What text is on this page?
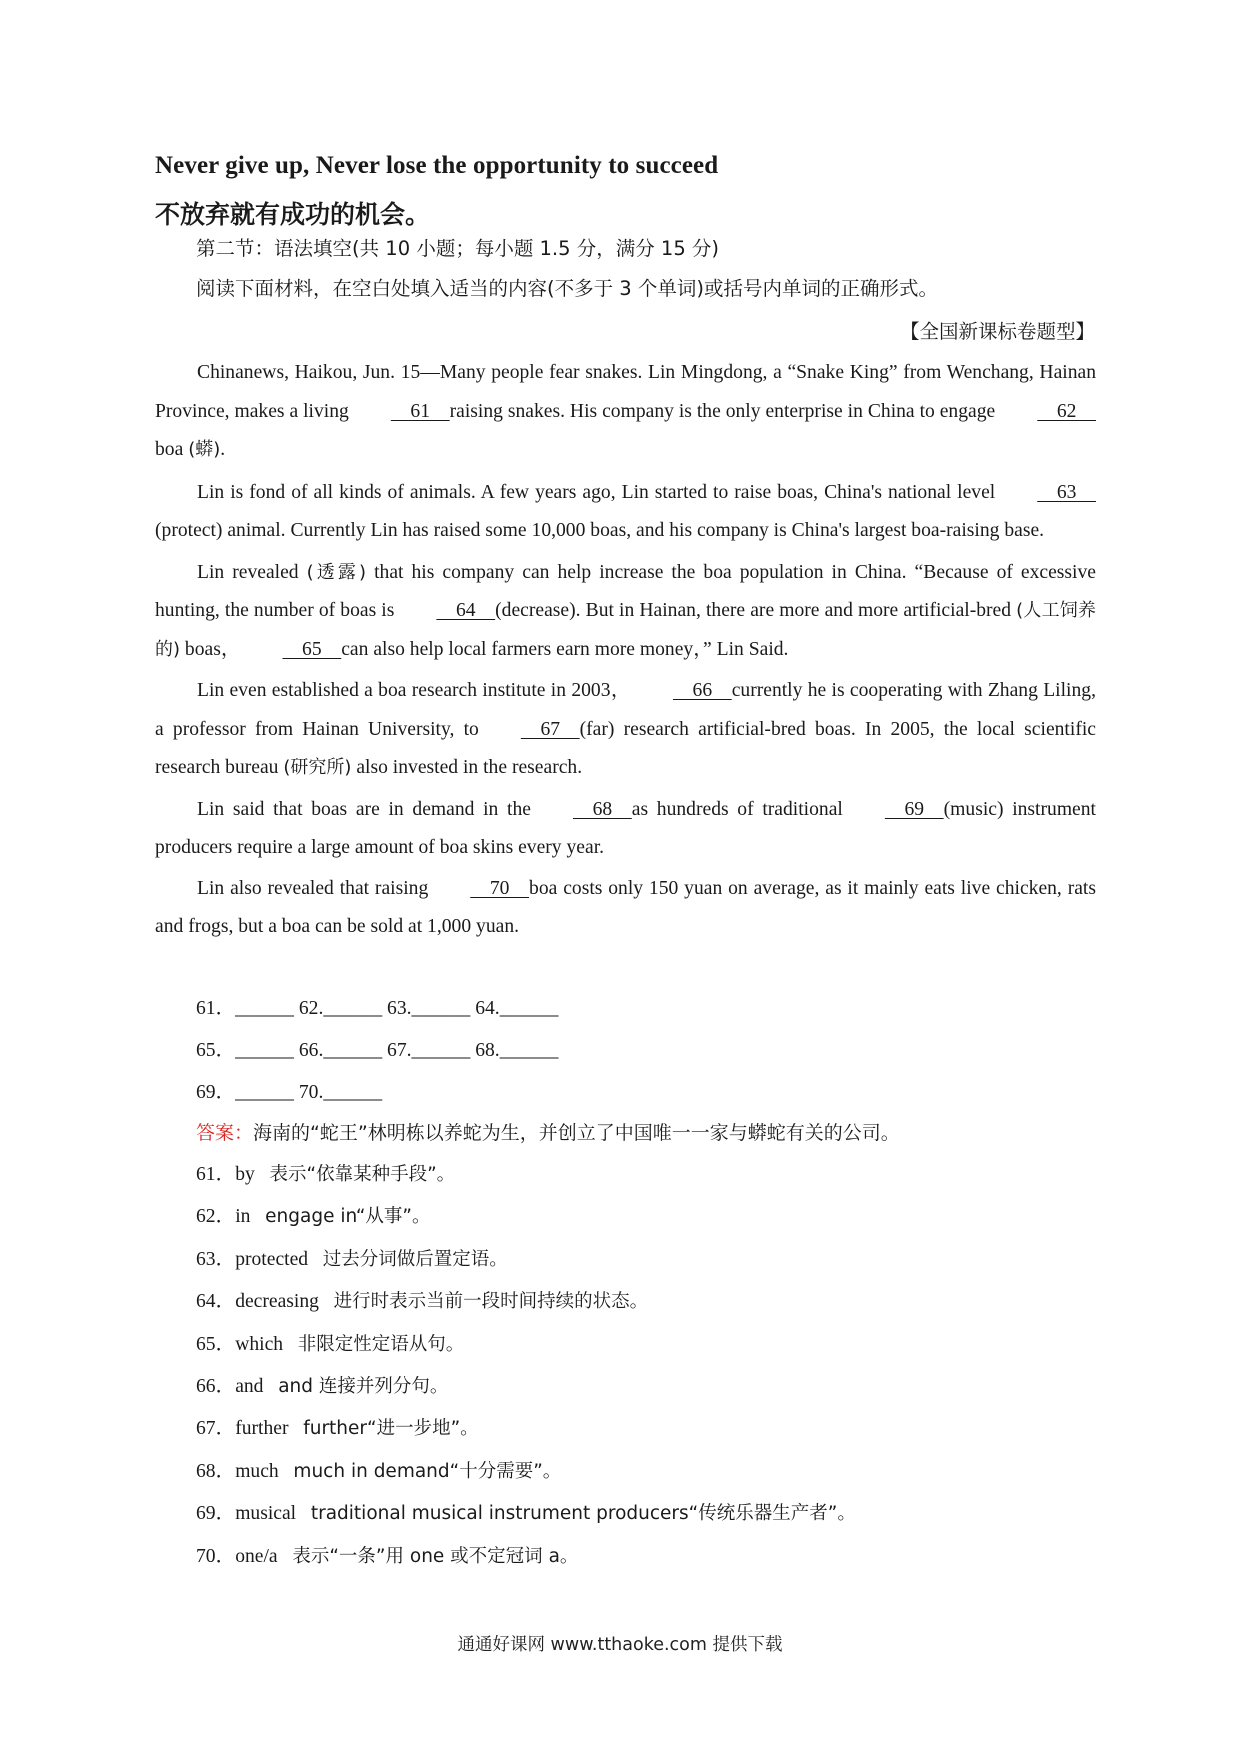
Never give up, Never lose the opportunity to succeed
不放弃就有成功的机会。
第二节：语法填空(共 10 小题；每小题 1.5 分，满分 15 分)
阅读下面材料，在空白处填入适当的内容(不多于 3 个单词)或括号内单词的正确形式。
【全国新课标卷题型】

Chinanews, Haikou, Jun. 15—Many people fear snakes. Lin Mingdong, a “Snake King” from Wenchang, Hainan Province, makes a living    61    raising snakes. His company is the only enterprise in China to engage    62    boa (蟒).

Lin is fond of all kinds of animals. A few years ago, Lin started to raise boas, China's national level    63    (protect) animal. Currently Lin has raised some 10,000 boas, and his company is China's largest boa-raising base.

Lin revealed (透露) that his company can help increase the boa population in China. “Because of excessive hunting, the number of boas is    64    (decrease). But in Hainan, there are more and more artificial-bred (人工饲养的) boas，    65    can also help local farmers earn more money，” Lin Said.

Lin even established a boa research institute in 2003，    66    currently he is cooperating with Zhang Liling, a professor from Hainan University, to    67    (far) research artificial-bred boas. In 2005, the local scientific research bureau (研究所) also invested in the research.

Lin said that boas are in demand in the    68    as hundreds of traditional    69    (music) instrument producers require a large amount of boa skins every year.

Lin also revealed that raising    70    boa costs only 150 yuan on average, as it mainly eats live chicken, rats and frogs, but a boa can be sold at 1,000 yuan.

61．______ 62.______ 63.______ 64.______
65．______ 66.______ 67.______ 68.______
69．______ 70.______
答案：海南的“蛇王”林明栋以养蛇为生，并创立了中国唯一一家与蟒蛇有关的公司。
61．by 表示“依靠某种手段”。
62．in engage in“从事”。
63．protected 过去分词做后置定语。
64．decreasing 进行时表示当前一段时间持续的状态。
65．which 非限定性定语从句。
66．and and 连接并列分句。
67．further further“进一步地”。
68．much much in demand“十分需要”。
69．musical traditional musical instrument producers“传统乐器生产者”。
70．one/a 表示“一条”用 one 或不定冠词 a。
通通好课网 www.tthaoke.com 提供下载
